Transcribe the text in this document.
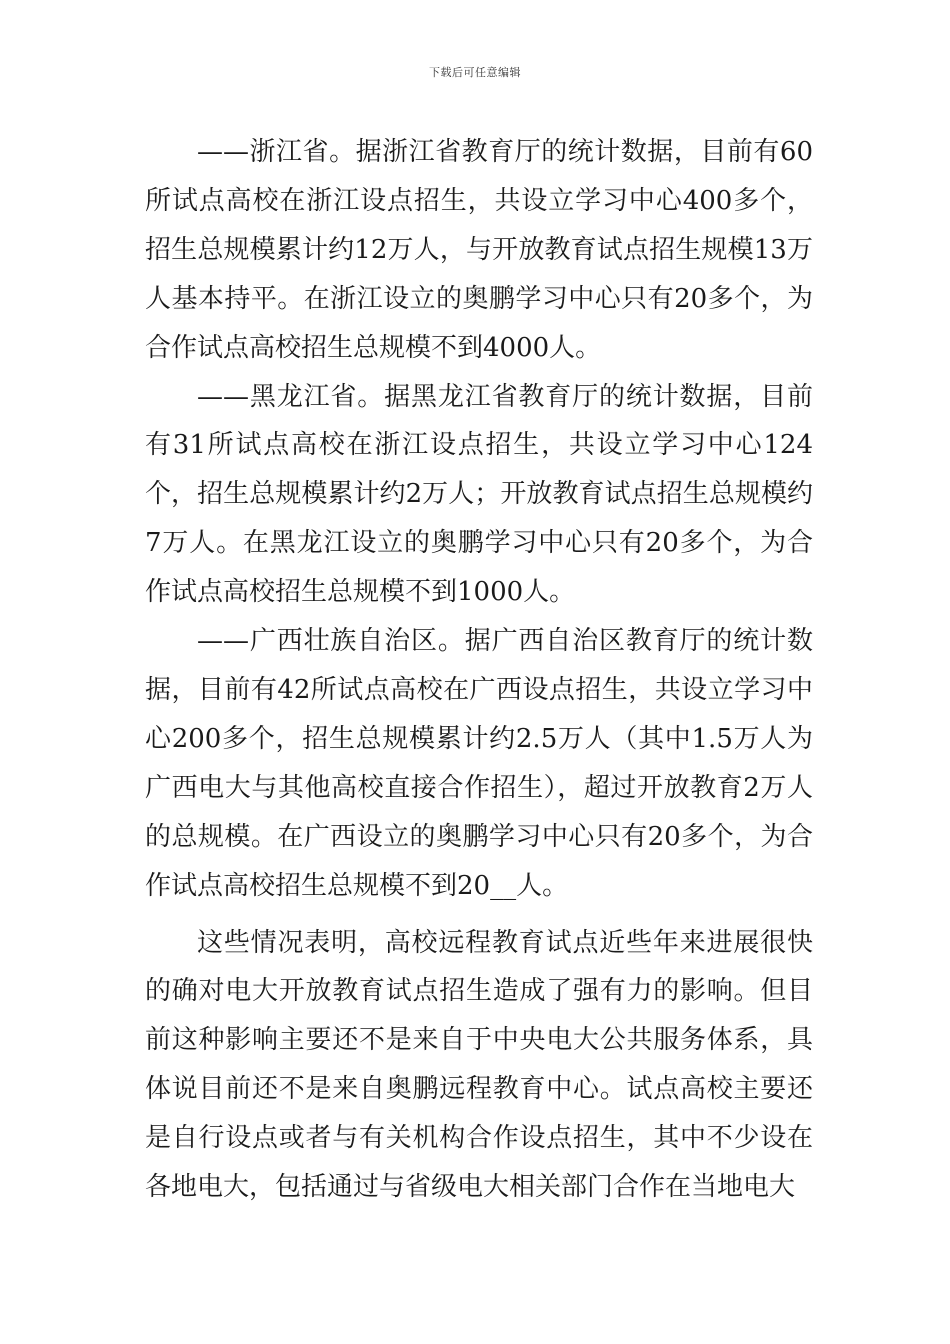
下载后可任意编辑

——浙江省。据浙江省教育厅的统计数据，目前有60所试点高校在浙江设点招生，共设立学习中心400多个，招生总规模累计约12万人，与开放教育试点招生规模13万人基本持平。在浙江设立的奥鹏学习中心只有20多个，为合作试点高校招生总规模不到4000人。

——黑龙江省。据黑龙江省教育厅的统计数据，目前有31所试点高校在浙江设点招生，共设立学习中心124个，招生总规模累计约2万人；开放教育试点招生总规模约7万人。在黑龙江设立的奥鹏学习中心只有20多个，为合作试点高校招生总规模不到1000人。

——广西壮族自治区。据广西自治区教育厅的统计数据，目前有42所试点高校在广西设点招生，共设立学习中心200多个，招生总规模累计约2.5万人（其中1.5万人为广西电大与其他高校直接合作招生），超过开放教育2万人的总规模。在广西设立的奥鹏学习中心只有20多个，为合作试点高校招生总规模不到20__人。

这些情况表明，高校远程教育试点近些年来进展很快的确对电大开放教育试点招生造成了强有力的影响。但目前这种影响主要还不是来自于中央电大公共服务体系，具体说目前还不是来自奥鹏远程教育中心。试点高校主要还是自行设点或者与有关机构合作设点招生，其中不少设在各地电大，包括通过与省级电大相关部门合作在当地电大
